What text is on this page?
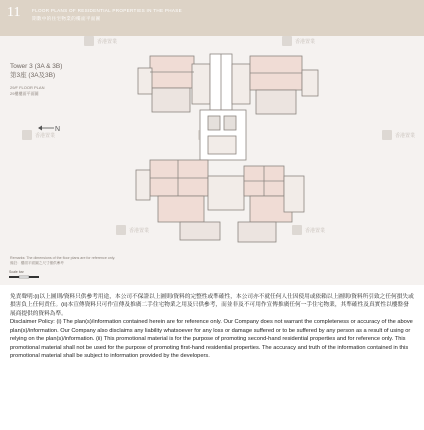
11	FLOOR PLANS OF RESIDENTIAL PROPERTIES IN THE PHASE
期數中的住宅物業的樓面平面圖
香港置業	香港置業
香港置業	香港置業
香港置業	香港置業
N
Tower 3 (3A & 3B)
第3座 (3A及3B)
29/F FLOOR PLAN
29樓樓面平面圖
Remarks: The dimensions of the floor plans are for reference only.
備註：樓面平面圖之尺寸僅供參考
Scale bar

免責聲明:(i)以上圖則/資料只供參考用途，本公司不保證以上圖則/資料的完整性或準確性，本公司亦不就任何人仕因使用或依賴以上圖則/資料所引致之任何損失或損害負上任何責任。(ii)本宣傳資料只可作宣傳及推廣二手住宅物業之用及只供參考，而並非及不可用作宣傳推廣任何一手住宅物業，其準確性及真實性以樓盤發展商提供的資料為準。

Disclaimer Policy: (i) The plan(s)/information contained herein are for reference only. Our Company does not warrant the completeness or accuracy of the above plan(s)/information. Our Company also disclaims any liability whatsoever for any loss or damage suffered or to be suffered by any person as a result of using or relying on the plan(s)/information. (ii) This promotional material is for the purpose of promoting second-hand residential properties and for reference only. This promotional material shall not be used for the purpose of promoting first-hand residential properties. The accuracy and truth of the information contained in this promotional material shall be subject to information provided by the developers.
